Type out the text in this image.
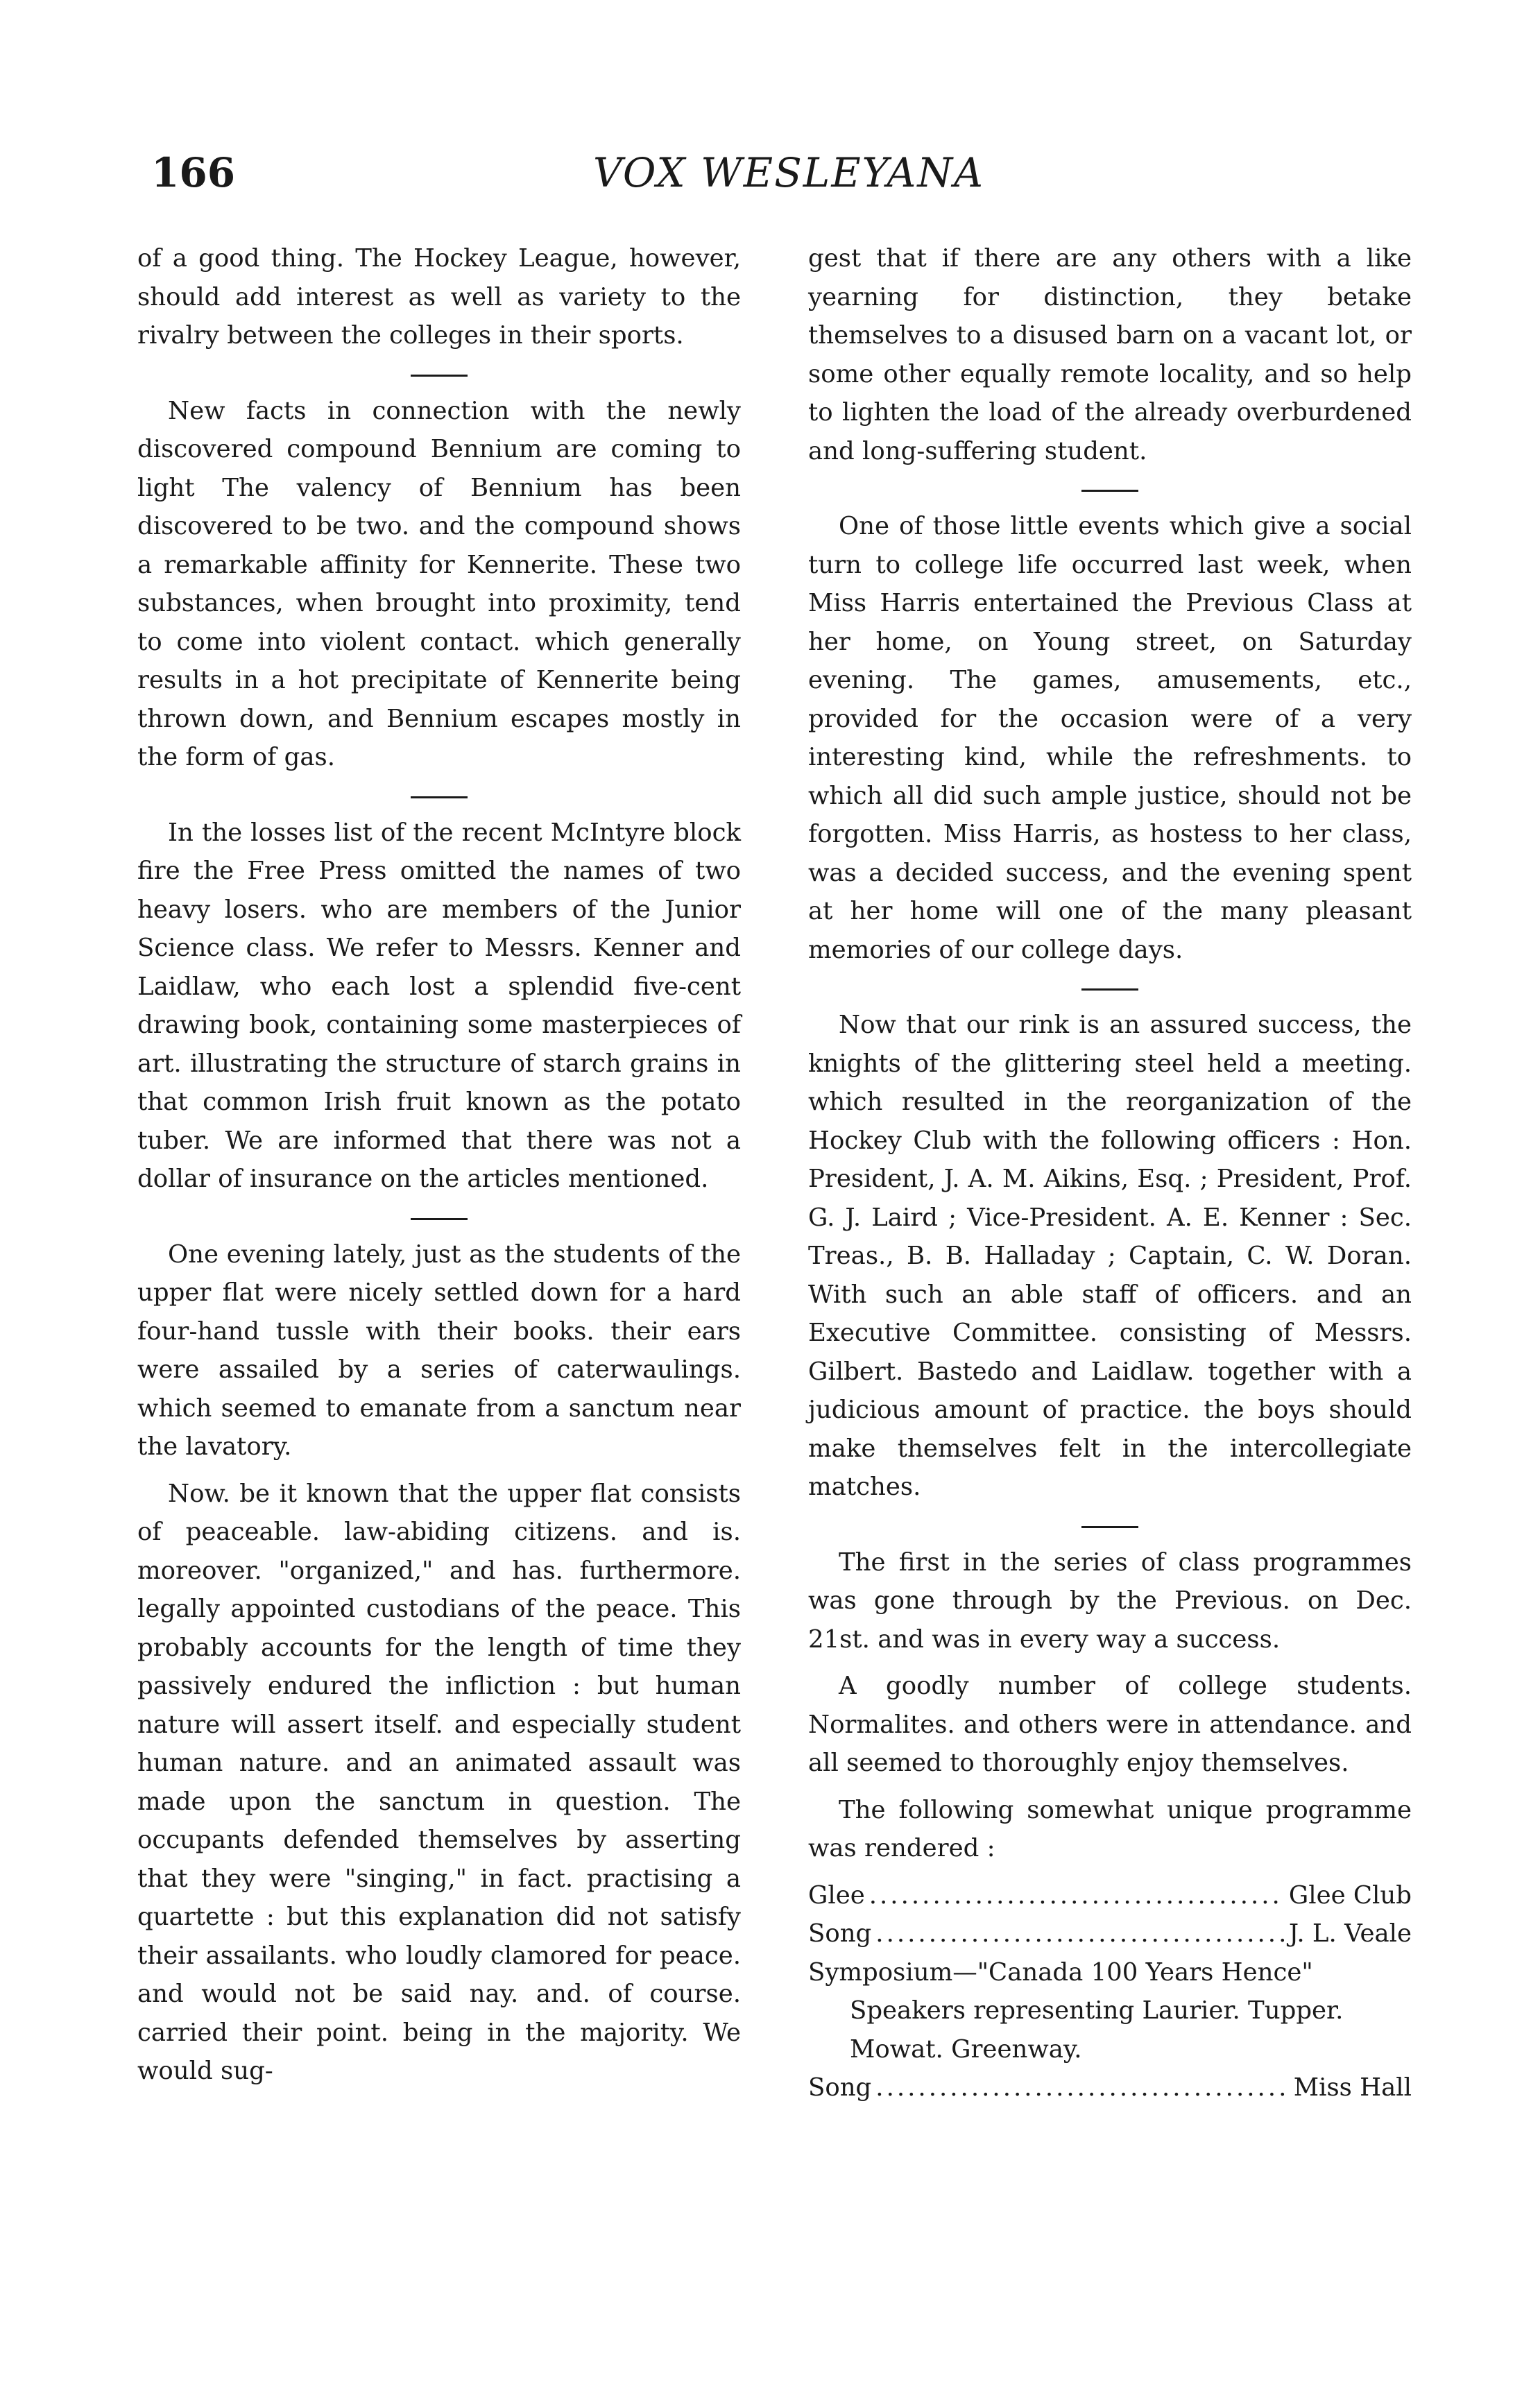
166	VOX WESLEYANA

of a good thing. The Hockey League, however, should add interest as well as variety to the rivalry between the colleges in their sports.

New facts in connection with the newly discovered compound Bennium are coming to light The valency of Bennium has been discovered to be two. and the compound shows a remarkable affinity for Kennerite. These two substances, when brought into proximity, tend to come into violent contact. which generally results in a hot precipitate of Kennerite being thrown down, and Bennium escapes mostly in the form of gas.

In the losses list of the recent McIntyre block fire the Free Press omitted the names of two heavy losers. who are members of the Junior Science class. We refer to Messrs. Kenner and Laidlaw, who each lost a splendid five-cent drawing book, containing some masterpieces of art. illustrating the structure of starch grains in that common Irish fruit known as the potato tuber. We are informed that there was not a dollar of insurance on the articles mentioned.

One evening lately, just as the students of the upper flat were nicely settled down for a hard four-hand tussle with their books. their ears were assailed by a series of caterwaulings. which seemed to emanate from a sanctum near the lavatory.

Now. be it known that the upper flat consists of peaceable. law-abiding citizens. and is. moreover. "organized," and has. furthermore. legally appointed custodians of the peace. This probably accounts for the length of time they passively endured the infliction : but human nature will assert itself. and especially student human nature. and an animated assault was made upon the sanctum in question. The occupants defended themselves by asserting that they were "singing," in fact. practising a quartette : but this explanation did not satisfy their assailants. who loudly clamored for peace. and would not be said nay. and. of course. carried their point. being in the majority. We would sug-

gest that if there are any others with a like yearning for distinction, they betake themselves to a disused barn on a vacant lot, or some other equally remote locality, and so help to lighten the load of the already overburdened and long-suffering student.

One of those little events which give a social turn to college life occurred last week, when Miss Harris entertained the Previous Class at her home, on Young street, on Saturday evening. The games, amusements, etc., provided for the occasion were of a very interesting kind, while the refreshments. to which all did such ample justice, should not be forgotten. Miss Harris, as hostess to her class, was a decided success, and the evening spent at her home will one of the many pleasant memories of our college days.

Now that our rink is an assured success, the knights of the glittering steel held a meeting. which resulted in the reorganization of the Hockey Club with the following officers : Hon. President, J. A. M. Aikins, Esq. ; President, Prof. G. J. Laird ; Vice-President. A. E. Kenner : Sec. Treas., B. B. Halladay ; Captain, C. W. Doran. With such an able staff of officers. and an Executive Committee. consisting of Messrs. Gilbert. Bastedo and Laidlaw. together with a judicious amount of practice. the boys should make themselves felt in the intercollegiate matches.

The first in the series of class programmes was gone through by the Previous. on Dec. 21st. and was in every way a success.

A goodly number of college students. Normalites. and others were in attendance. and all seemed to thoroughly enjoy themselves.

The following somewhat unique programme was rendered :

Glee .....	Glee Club

Song .....	J. L. Veale

Symposium—"Canada 100 Years Hence"

Speakers representing Laurier. Tupper. Mowat. Greenway.

Song .....	Miss Hall
